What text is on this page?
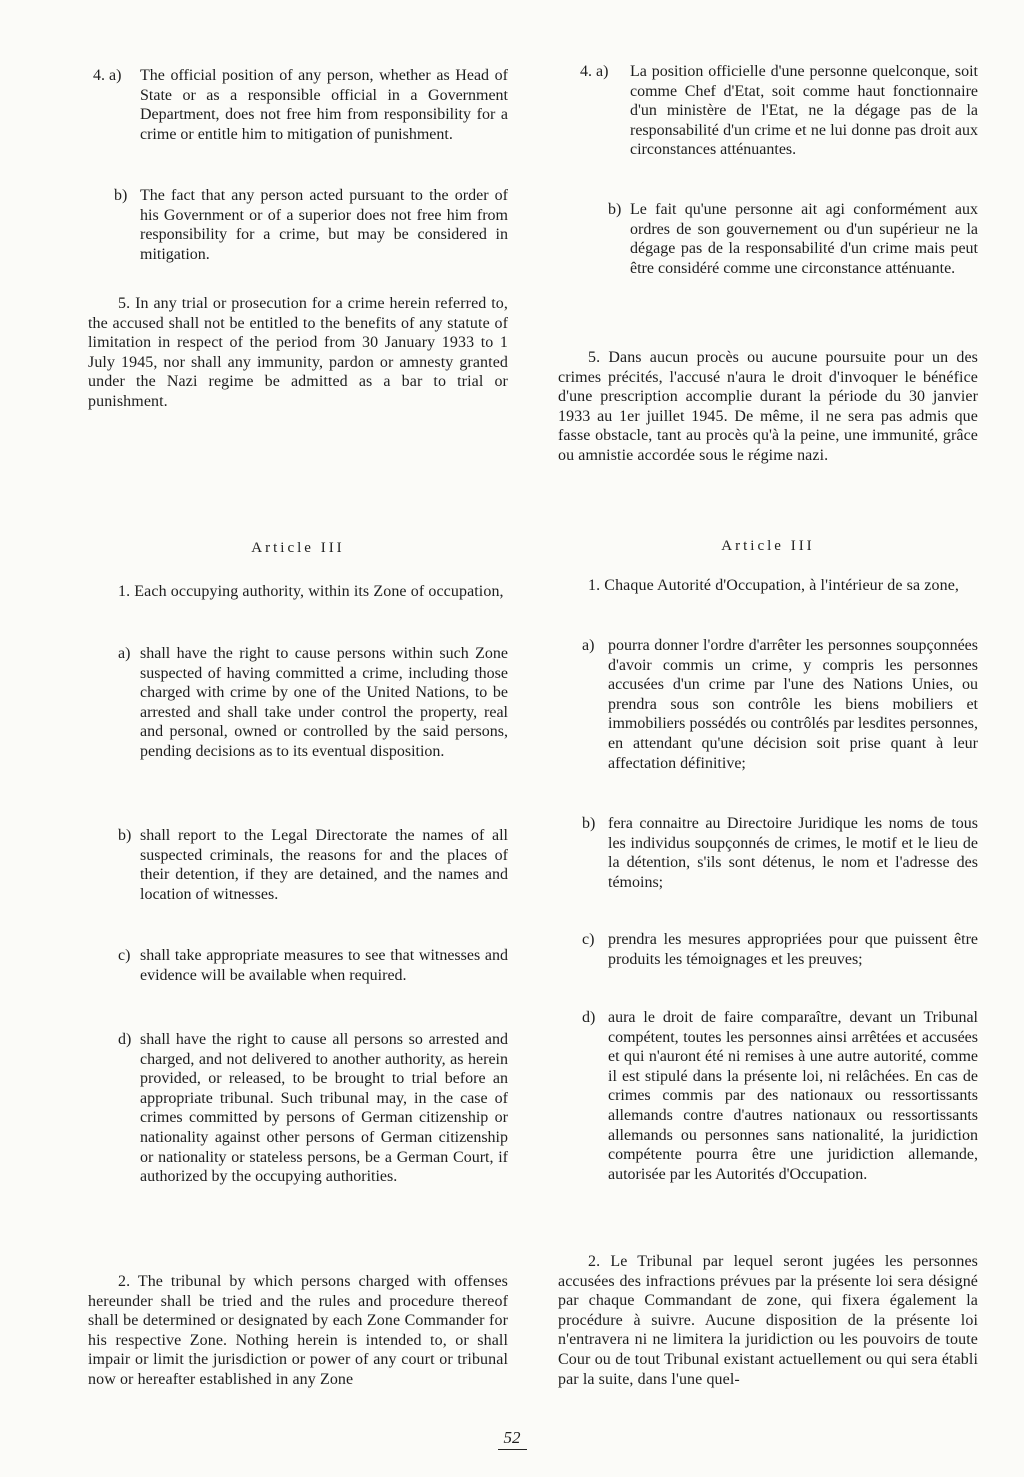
4. a) The official position of any person, whether as Head of State or as a responsible official in a Government Department, does not free him from responsibility for a crime or entitle him to mitigation of punishment.

b) The fact that any person acted pursuant to the order of his Government or of a superior does not free him from responsibility for a crime, but may be considered in mitigation.

5. In any trial or prosecution for a crime herein referred to, the accused shall not be entitled to the benefits of any statute of limitation in respect of the period from 30 January 1933 to 1 July 1945, nor shall any immunity, pardon or amnesty granted under the Nazi regime be admitted as a bar to trial or punishment.

Article III

1. Each occupying authority, within its Zone of occupation,

a) shall have the right to cause persons within such Zone suspected of having committed a crime, including those charged with crime by one of the United Nations, to be arrested and shall take under control the property, real and personal, owned or controlled by the said persons, pending decisions as to its eventual disposition.

b) shall report to the Legal Directorate the names of all suspected criminals, the reasons for and the places of their detention, if they are detained, and the names and location of witnesses.

c) shall take appropriate measures to see that witnesses and evidence will be available when required.

d) shall have the right to cause all persons so arrested and charged, and not delivered to another authority, as herein provided, or released, to be brought to trial before an appropriate tribunal. Such tribunal may, in the case of crimes committed by persons of German citizenship or nationality against other persons of German citizenship or nationality or stateless persons, be a German Court, if authorized by the occupying authorities.

2. The tribunal by which persons charged with offenses hereunder shall be tried and the rules and procedure thereof shall be determined or designated by each Zone Commander for his respective Zone. Nothing herein is intended to, or shall impair or limit the jurisdiction or power of any court or tribunal now or hereafter established in any Zone

4. a) La position officielle d'une personne quelconque, soit comme Chef d'Etat, soit comme haut fonctionnaire d'un ministère de l'Etat, ne la dégage pas de la responsabilité d'un crime et ne lui donne pas droit aux circonstances atténuantes.

b) Le fait qu'une personne ait agi conformément aux ordres de son gouvernement ou d'un supérieur ne la dégage pas de la responsabilité d'un crime mais peut être considéré comme une circonstance atténuante.

5. Dans aucun procès ou aucune poursuite pour un des crimes précités, l'accusé n'aura le droit d'invoquer le bénéfice d'une prescription accomplie durant la période du 30 janvier 1933 au 1er juillet 1945. De même, il ne sera pas admis que fasse obstacle, tant au procès qu'à la peine, une immunité, grâce ou amnistie accordée sous le régime nazi.

Article III

1. Chaque Autorité d'Occupation, à l'intérieur de sa zone,

a) pourra donner l'ordre d'arrêter les personnes soupçonnées d'avoir commis un crime, y compris les personnes accusées d'un crime par l'une des Nations Unies, ou prendra sous son contrôle les biens mobiliers et immobiliers possédés ou contrôlés par lesdites personnes, en attendant qu'une décision soit prise quant à leur affectation définitive;

b) fera connaitre au Directoire Juridique les noms de tous les individus soupçonnés de crimes, le motif et le lieu de la détention, s'ils sont détenus, le nom et l'adresse des témoins;

c) prendra les mesures appropriées pour que puissent être produits les témoignages et les preuves;

d) aura le droit de faire comparaître, devant un Tribunal compétent, toutes les personnes ainsi arrêtées et accusées et qui n'auront été ni remises à une autre autorité, comme il est stipulé dans la présente loi, ni relâchées. En cas de crimes commis par des nationaux ou ressortissants allemands contre d'autres nationaux ou ressortissants allemands ou personnes sans nationalité, la juridiction compétente pourra être une juridiction allemande, autorisée par les Autorités d'Occupation.

2. Le Tribunal par lequel seront jugées les personnes accusées des infractions prévues par la présente loi sera désigné par chaque Commandant de zone, qui fixera également la procédure à suivre. Aucune disposition de la présente loi n'entravera ni ne limitera la juridiction ou les pouvoirs de toute Cour ou de tout Tribunal existant actuellement ou qui sera établi par la suite, dans l'une quel-

52
